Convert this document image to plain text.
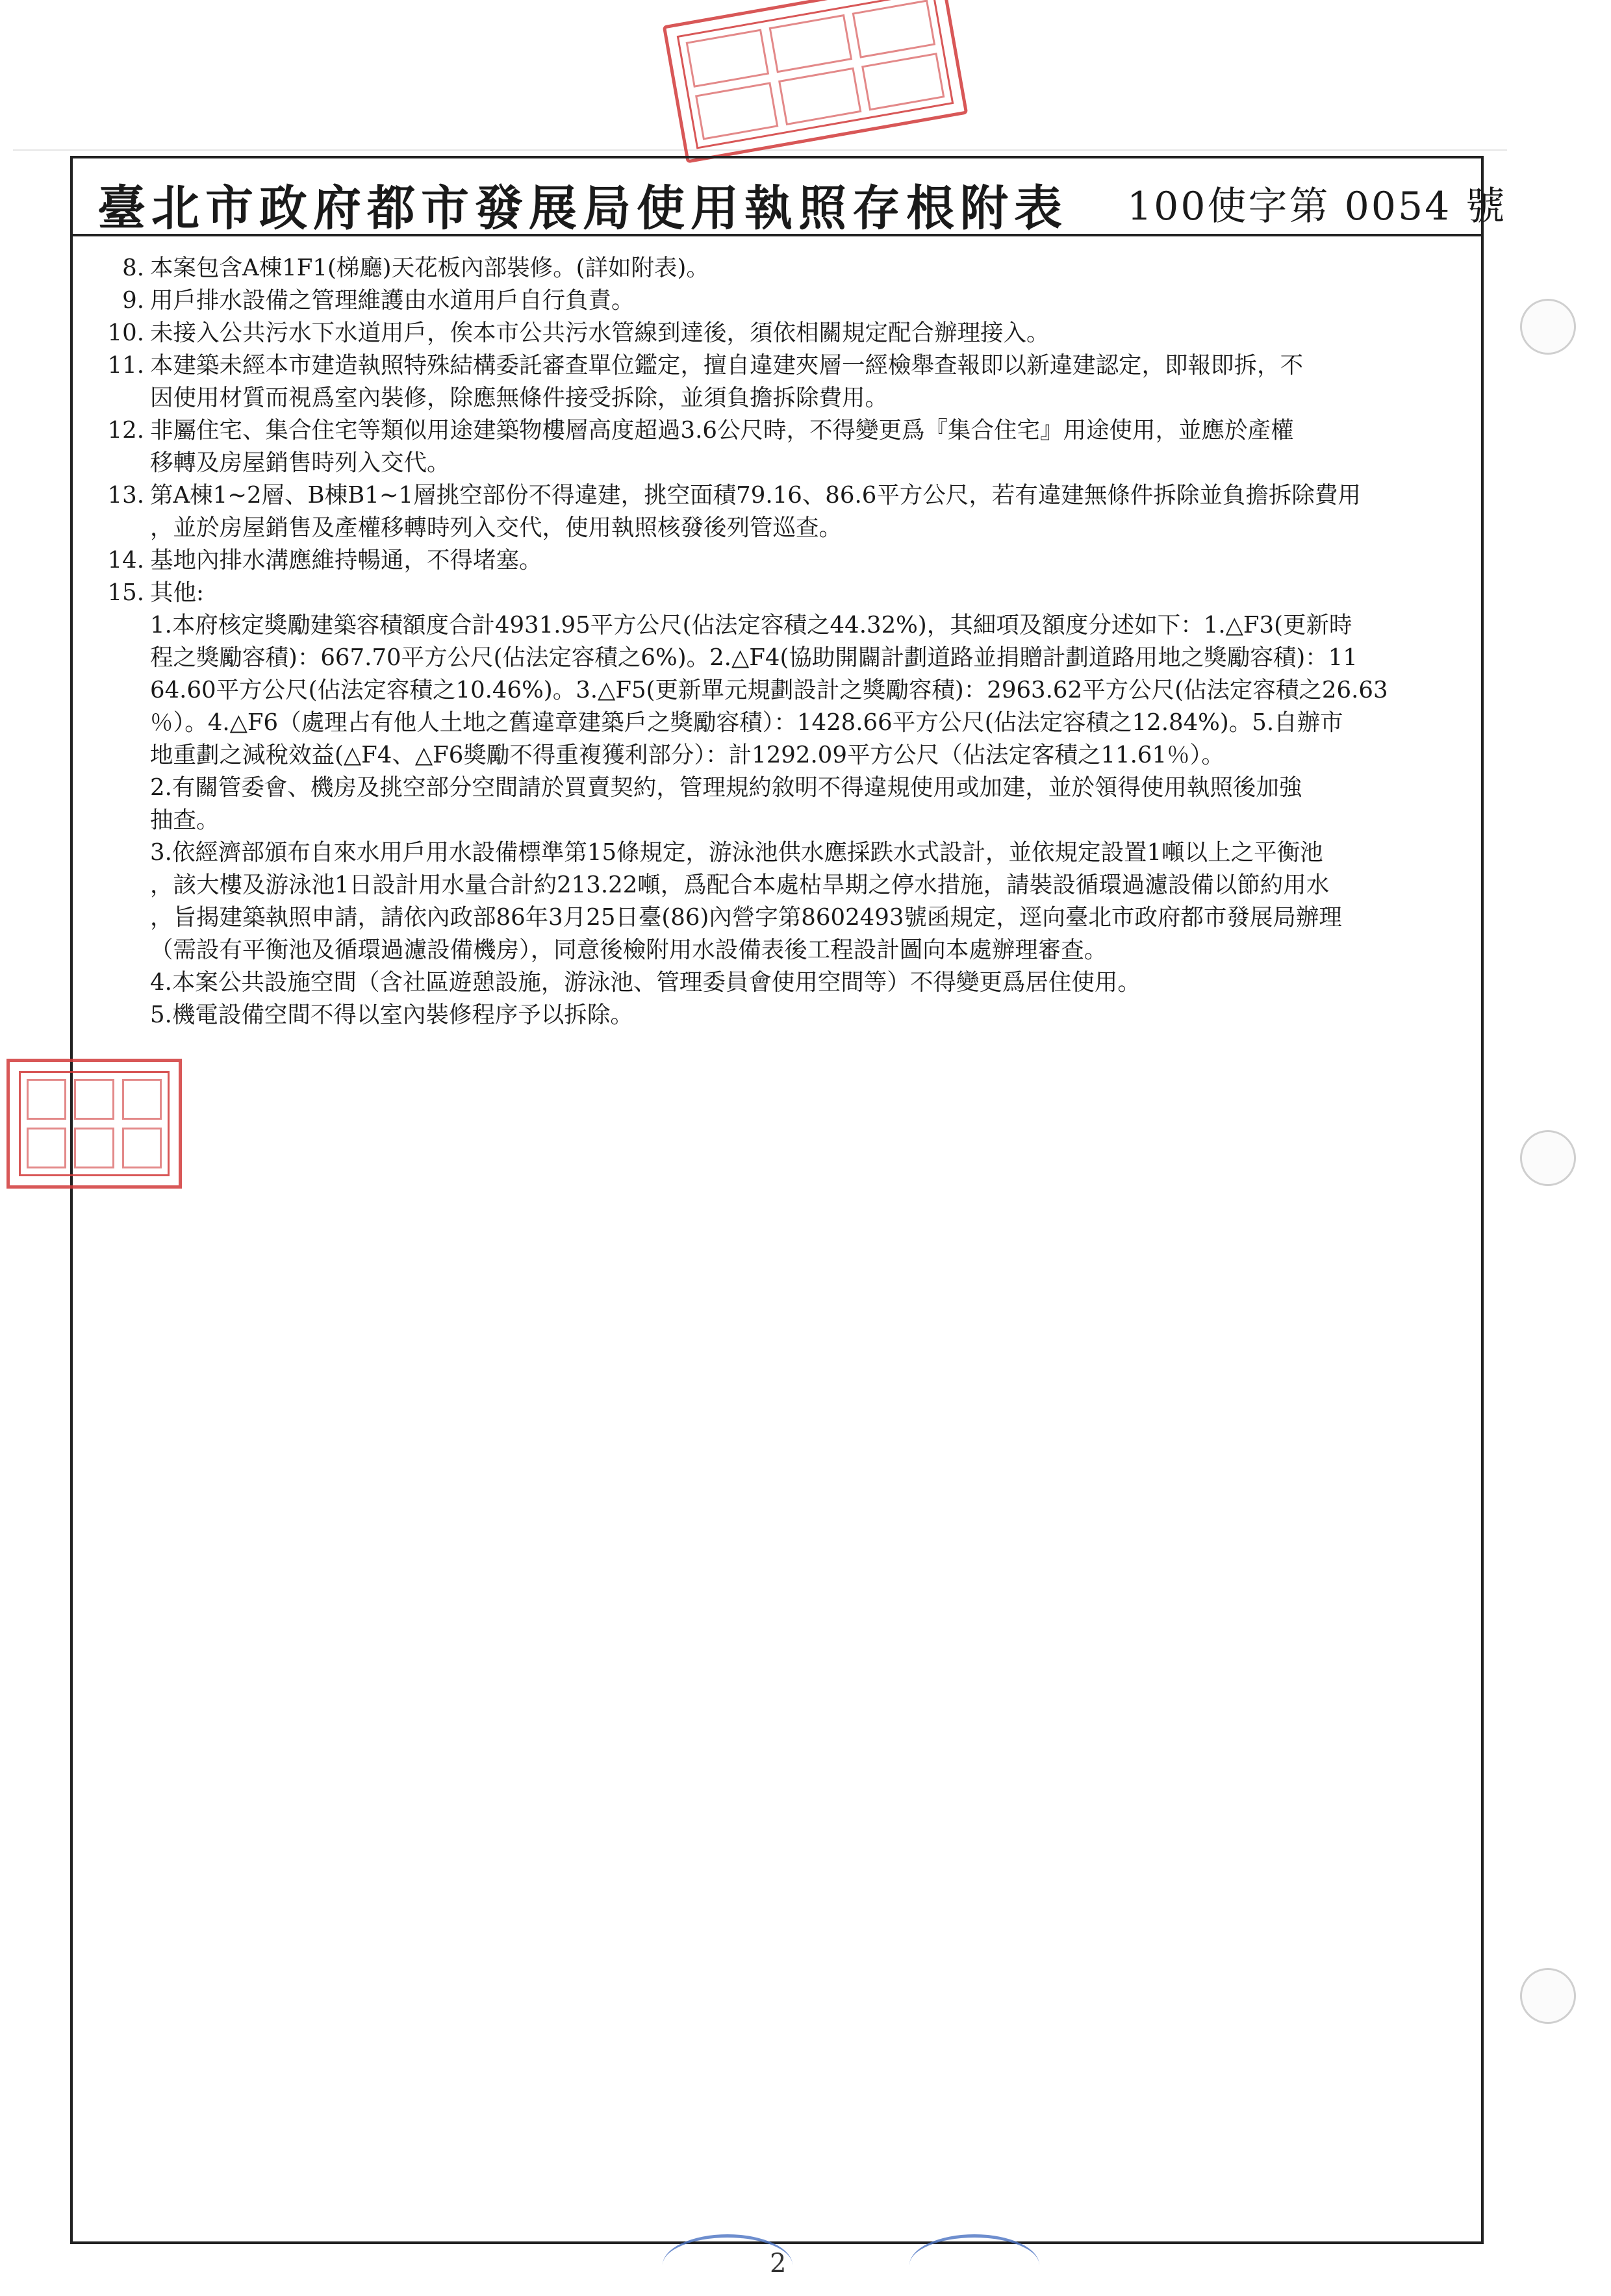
臺北市政府都市發展局使用執照存根附表	100使字第 0054 號
8. 本案包含A棟1F1(梯廳)天花板內部裝修。(詳如附表)。
9. 用戶排水設備之管理維護由水道用戶自行負責。
10. 未接入公共污水下水道用戶，俟本市公共污水管線到達後，須依相關規定配合辦理接入。
11. 本建築未經本市建造執照特殊結構委託審查單位鑑定，擅自違建夾層一經檢舉查報即以新違建認定，即報即拆，不
因使用材質而視爲室內裝修，除應無條件接受拆除，並須負擔拆除費用。
12. 非屬住宅、集合住宅等類似用途建築物樓層高度超過3.6公尺時，不得變更爲『集合住宅』用途使用，並應於產權
移轉及房屋銷售時列入交代。
13. 第A棟1~2層、B棟B1~1層挑空部份不得違建，挑空面積79.16、86.6平方公尺，若有違建無條件拆除並負擔拆除費用
，並於房屋銷售及產權移轉時列入交代，使用執照核發後列管巡查。
14. 基地內排水溝應維持暢通，不得堵塞。
15. 其他:
1.本府核定獎勵建築容積額度合計4931.95平方公尺(佔法定容積之44.32%)，其細項及額度分述如下：1.△F3(更新時
程之獎勵容積)：667.70平方公尺(佔法定容積之6%)。2.△F4(協助開闢計劃道路並捐贈計劃道路用地之獎勵容積)：11
64.60平方公尺(佔法定容積之10.46%)。3.△F5(更新單元規劃設計之獎勵容積)：2963.62平方公尺(佔法定容積之26.63
％）。4.△F6（處理占有他人土地之舊違章建築戶之獎勵容積）：1428.66平方公尺(佔法定容積之12.84%)。5.自辦市
地重劃之減稅效益(△F4、△F6獎勵不得重複獲利部分）：計1292.09平方公尺（佔法定客積之11.61％）。
2.有關管委會、機房及挑空部分空間請於買賣契約，管理規約敘明不得違規使用或加建，並於領得使用執照後加強
抽查。
3.依經濟部頒布自來水用戶用水設備標準第15條規定，游泳池供水應採跌水式設計，並依規定設置1噸以上之平衡池
，該大樓及游泳池1日設計用水量合計約213.22噸，爲配合本處枯旱期之停水措施，請裝設循環過濾設備以節約用水
，旨揭建築執照申請，請依內政部86年3月25日臺(86)內營字第8602493號函規定，逕向臺北市政府都市發展局辦理
（需設有平衡池及循環過濾設備機房），同意後檢附用水設備表後工程設計圖向本處辦理審查。
4.本案公共設施空間（含社區遊憩設施，游泳池、管理委員會使用空間等）不得變更爲居住使用。
5.機電設備空間不得以室內裝修程序予以拆除。
2
